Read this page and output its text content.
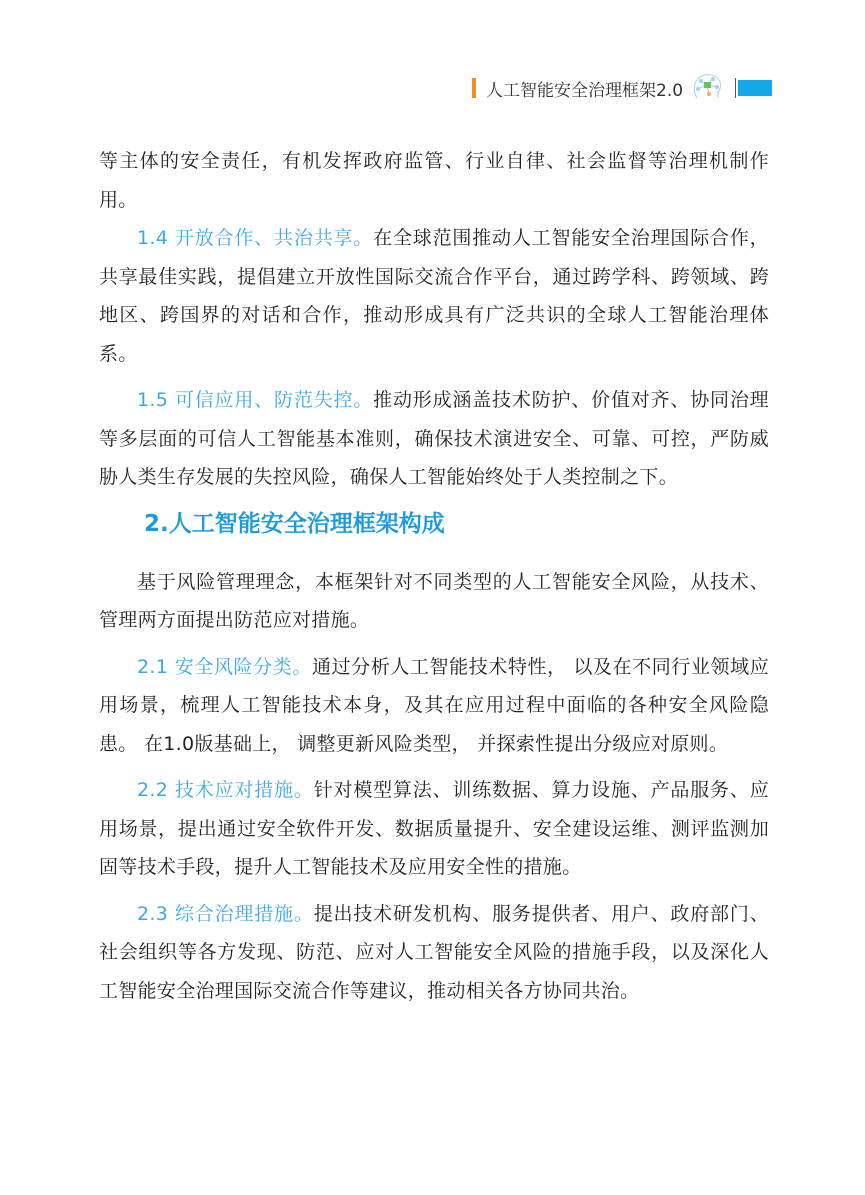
人工智能安全治理框架2.0

等主体的安全责任，有机发挥政府监管、行业自律、社会监督等治理机制作用。

1.4 开放合作、共治共享。在全球范围推动人工智能安全治理国际合作，共享最佳实践，提倡建立开放性国际交流合作平台，通过跨学科、跨领域、跨地区、跨国界的对话和合作，推动形成具有广泛共识的全球人工智能治理体系。

1.5 可信应用、防范失控。推动形成涵盖技术防护、价值对齐、协同治理等多层面的可信人工智能基本准则，确保技术演进安全、可靠、可控，严防威胁人类生存发展的失控风险，确保人工智能始终处于人类控制之下。

2.人工智能安全治理框架构成

基于风险管理理念，本框架针对不同类型的人工智能安全风险，从技术、管理两方面提出防范应对措施。

2.1 安全风险分类。通过分析人工智能技术特性， 以及在不同行业领域应用场景，梳理人工智能技术本身，及其在应用过程中面临的各种安全风险隐患。 在1.0版基础上， 调整更新风险类型， 并探索性提出分级应对原则。

2.2 技术应对措施。针对模型算法、训练数据、算力设施、产品服务、应用场景，提出通过安全软件开发、数据质量提升、安全建设运维、测评监测加固等技术手段，提升人工智能技术及应用安全性的措施。

2.3 综合治理措施。提出技术研发机构、服务提供者、用户、政府部门、社会组织等各方发现、防范、应对人工智能安全风险的措施手段，以及深化人工智能安全治理国际交流合作等建议，推动相关各方协同共治。
